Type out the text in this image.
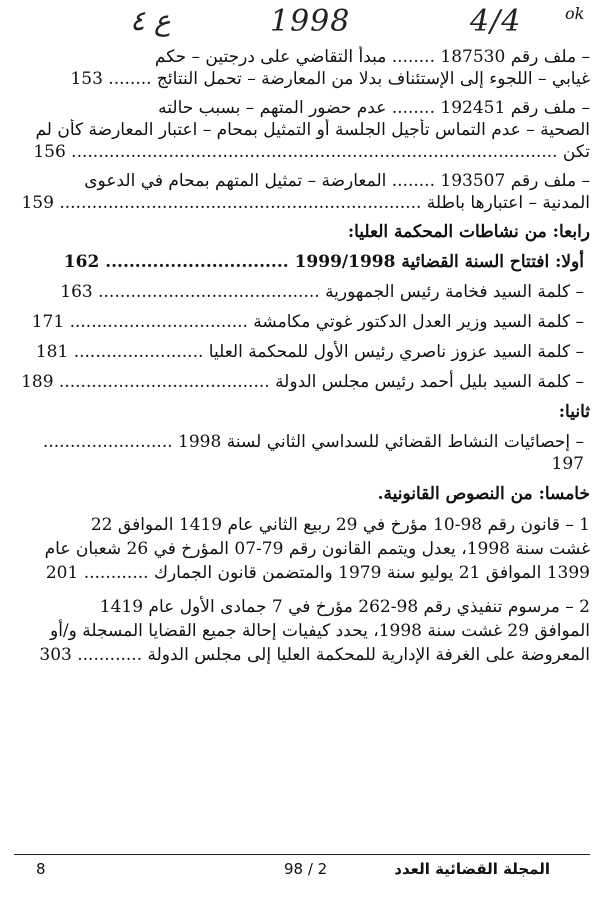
ع ٤	1998	4/4	ok
– ملف رقم 187530 ........ مبدأ التقاضي على درجتين – حكم
غيابي – اللجوء إلى الإستئناف بدلا من المعارضة – تحمل النتائج ........ 153
– ملف رقم 192451 ........ عدم حضور المتهم – بسبب حالته
الصحية – عدم التماس تأجيل الجلسة أو التمثيل بمحام – اعتبار المعارضة كأن لم
تكن .......................................................................................... 156
– ملف رقم 193507 ........ المعارضة – تمثيل المتهم بمحام في الدعوى
المدنية – اعتبارها باطلة ................................................................... 159
رابعا: من نشاطات المحكمة العليا:
أولا: افتتاح السنة القضائية 1999/1998 ............................... 162
– كلمة السيد فخامة رئيس الجمهورية ......................................... 163
– كلمة السيد وزير العدل الدكتور غوتي مكامشة ................................. 171
– كلمة السيد عزوز ناصري رئيس الأول للمحكمة العليا ........................ 181
– كلمة السيد بليل أحمد رئيس مجلس الدولة ....................................... 189
ثانيا:
– إحصائيات النشاط القضائي للسداسي الثاني لسنة 1998 ........................ 197
خامسا: من النصوص القانونية.
1 – قانون رقم 98-10 مؤرخ في 29 ربيع الثاني عام 1419 الموافق 22
غشت سنة 1998، يعدل ويتمم القانون رقم 79-07 المؤرخ في 26 شعبان عام
1399 الموافق 21 يوليو سنة 1979 والمتضمن قانون الجمارك ............ 201
2 – مرسوم تنفيذي رقم 98-262 مؤرخ في 7 جمادى الأول عام 1419
الموافق 29 غشت سنة 1998، يحدد كيفيات إحالة جميع القضايا المسجلة و/أو
المعروضة على الغرفة الإدارية للمحكمة العليا إلى مجلس الدولة ............ 303
8	98 / 2	المجلة القضائية العدد
